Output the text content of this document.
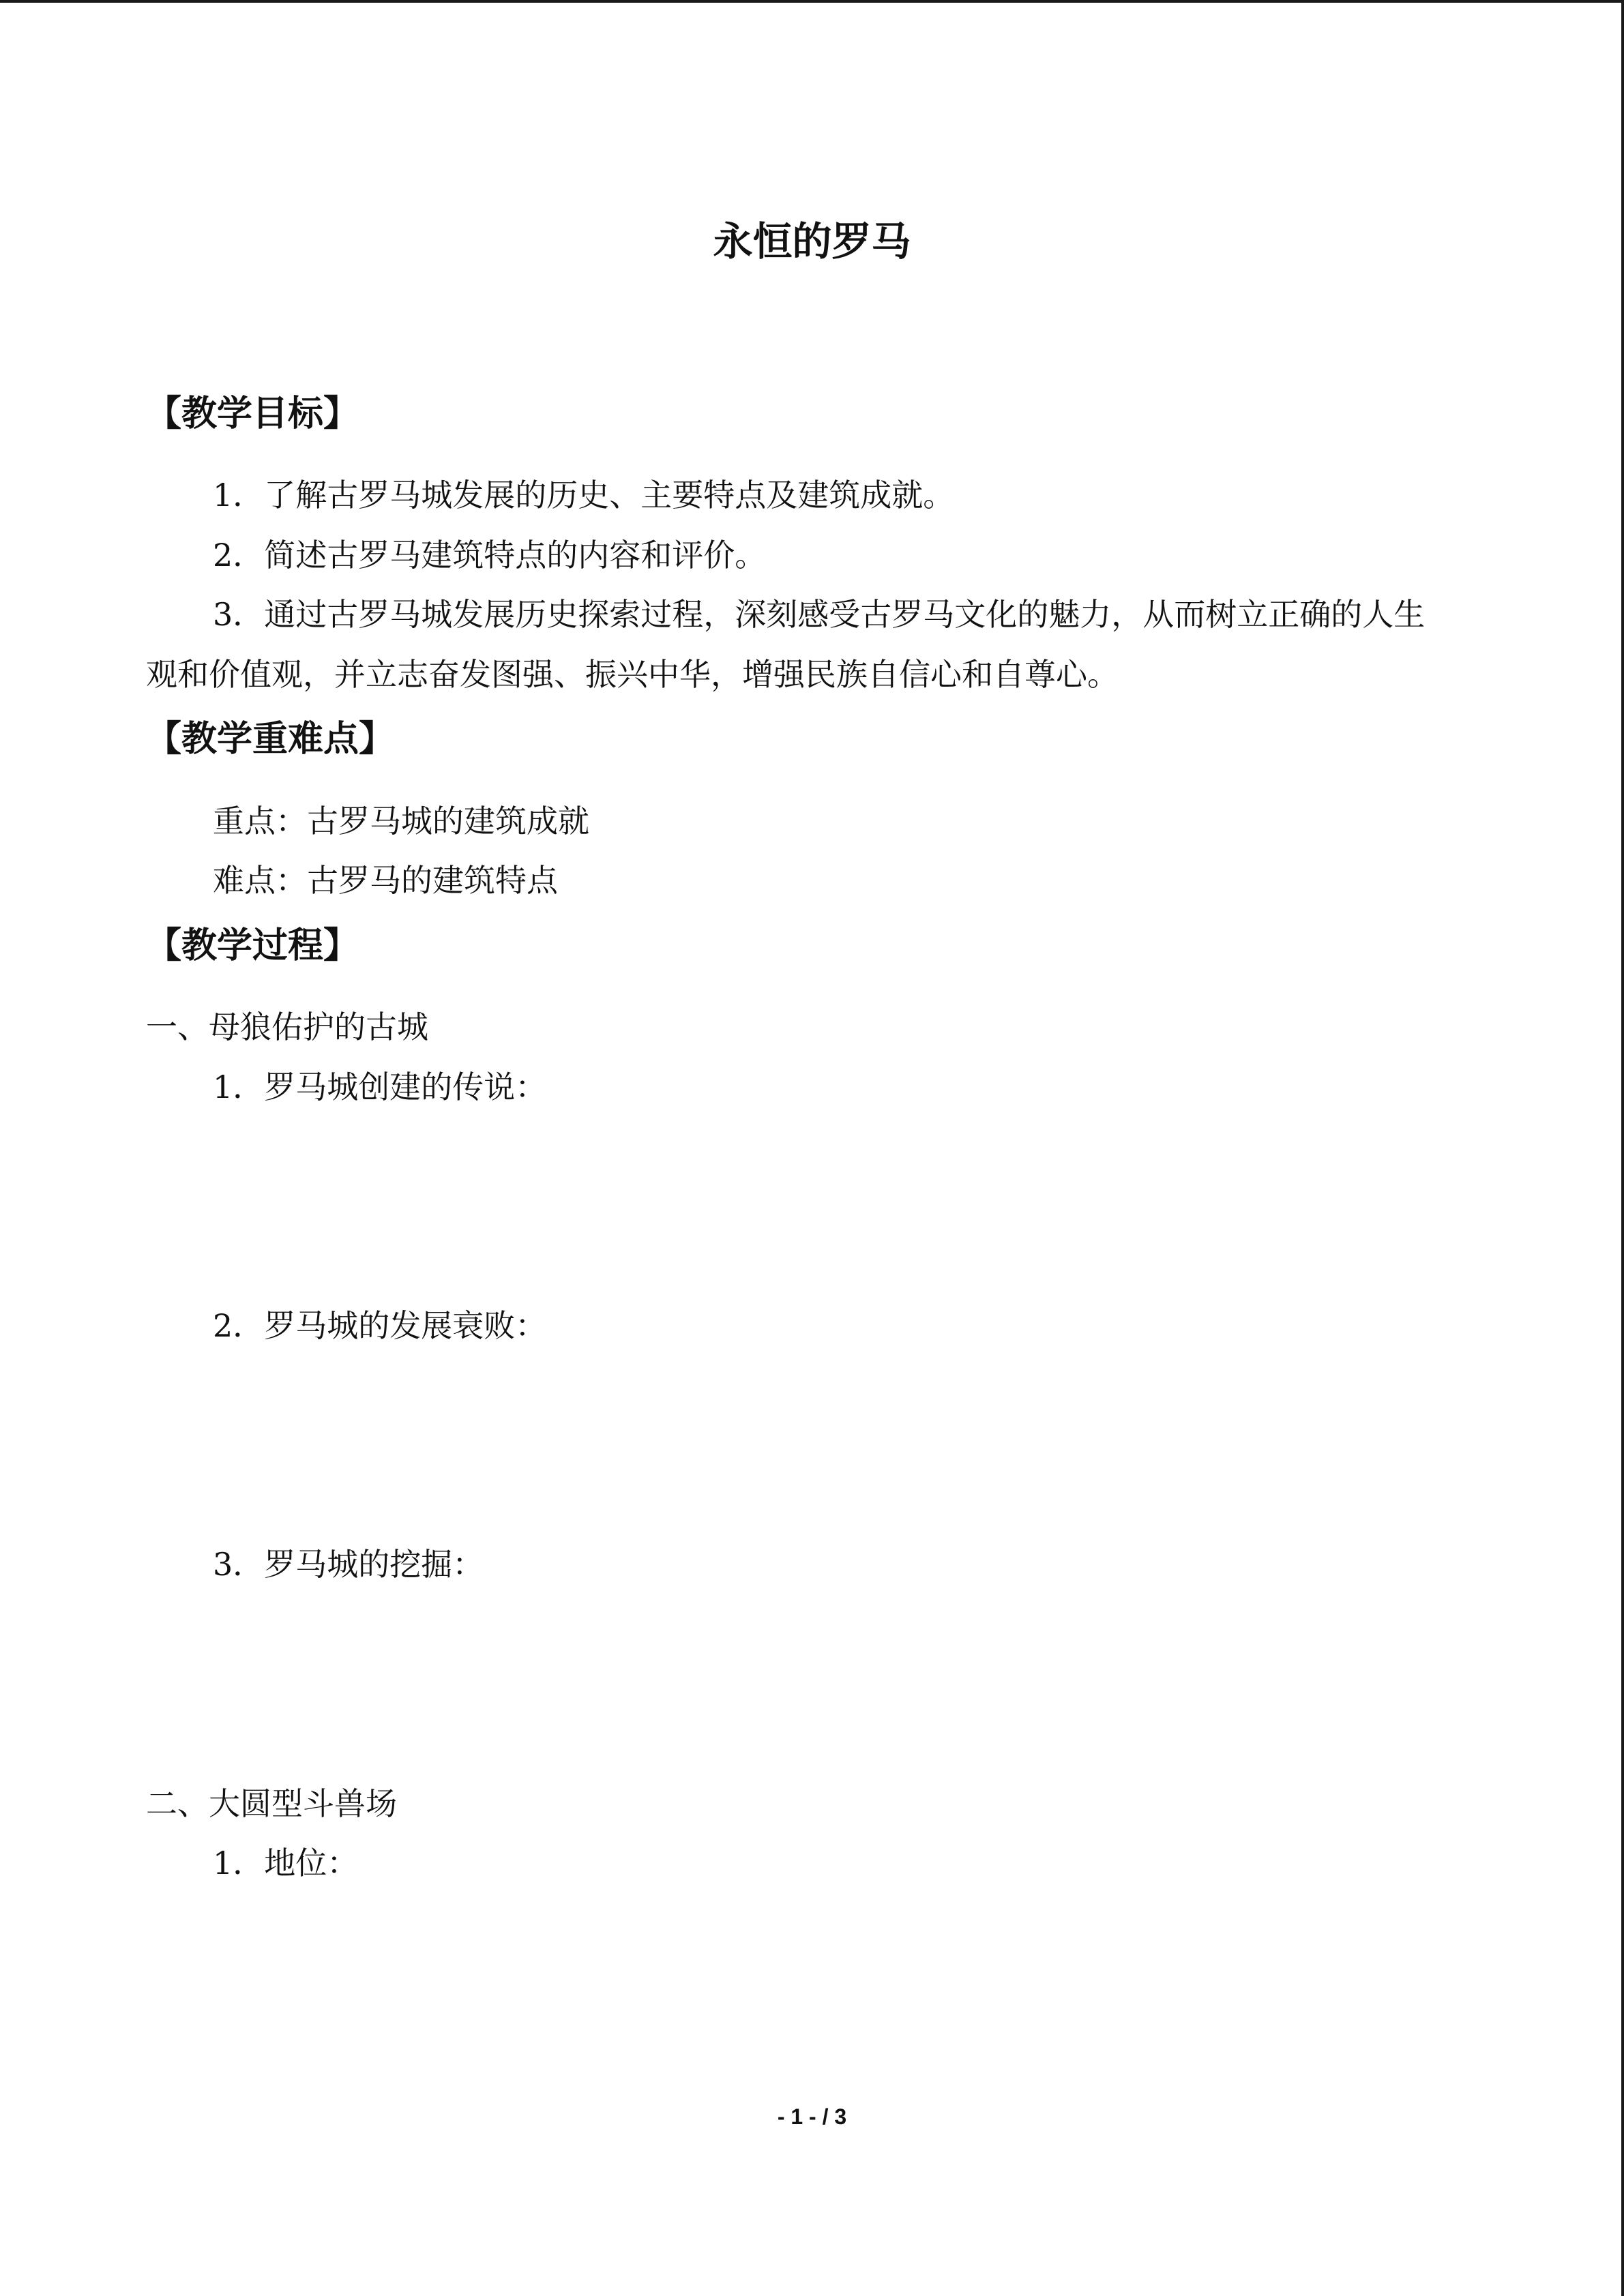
永恒的罗马
【教学目标】
1．了解古罗马城发展的历史、主要特点及建筑成就。
2．简述古罗马建筑特点的内容和评价。
3．通过古罗马城发展历史探索过程，深刻感受古罗马文化的魅力，从而树立正确的人生
观和价值观，并立志奋发图强、振兴中华，增强民族自信心和自尊心。
【教学重难点】
重点：古罗马城的建筑成就
难点：古罗马的建筑特点
【教学过程】
一、母狼佑护的古城
1．罗马城创建的传说：
2．罗马城的发展衰败：
3．罗马城的挖掘：
二、大圆型斗兽场
1．地位：
- 1 - / 3
